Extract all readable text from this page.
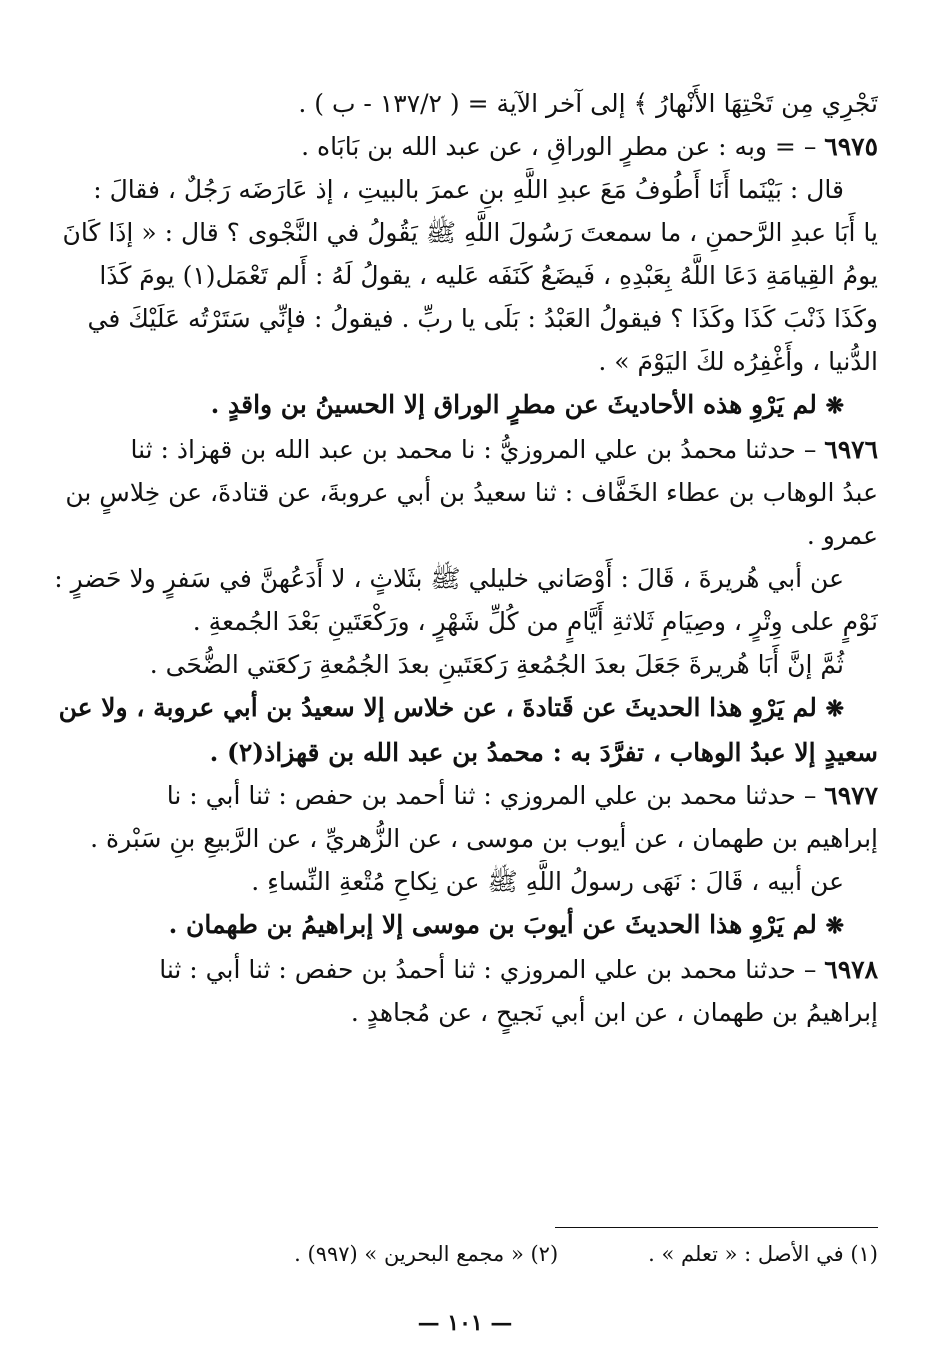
تَجْرِي مِن تَحْتِهَا الأَنْهارُ ﴾ إلى آخر الآية = ( ١٣٧/٢ - ب ) .
٦٩٧٥ – = وبه : عن مطرٍ الوراقِ ، عن عبد الله بن بَابَاه .
قال : بَيْنَما أَنَا أَطُوفُ مَعَ عبدِ اللَّهِ بنِ عمرَ بالبيتِ ، إذ عَارَضَه رَجُلٌ ، فقالَ :
يا أَبَا عبدِ الرَّحمنِ ، ما سمعتَ رَسُولَ اللَّهِ ﷺ يَقُولُ في النَّجْوى ؟ قال : « إذَا كَانَ
يومُ القِيامَةِ دَعَا اللَّهُ بِعَبْدِهِ ، فَيضَعُ كَنَفَه عَليه ، يقولُ لَهُ : أَلم تَعْمَل(١) يومَ كَذَا
وكَذَا ذَنْبَ كَذَا وكَذَا ؟ فيقولُ العَبْدُ : بَلَى يا ربِّ . فيقولُ : فإنِّي سَتَرْتُه عَلَيْكَ في
الدُّنيا ، وأَغْفِرُه لكَ اليَوْمَ » .
❋ لم يَرْوِ هذه الأحاديثَ عن مطرٍ الوراق إلا الحسينُ بن واقدٍ .
٦٩٧٦ – حدثنا محمدُ بن علي المروزيُّ : نا محمد بن عبد الله بن قهزاذ : ثنا
عبدُ الوهاب بن عطاء الخَفَّاف : ثنا سعيدُ بن أبي عروبةَ، عن قتادةَ، عن خِلاسٍ بن
عمرو .
عن أبي هُريرةَ ، قَالَ : أَوْصَاني خليلي ﷺ بثَلاثٍ ، لا أَدَعُهنَّ في سَفرٍ ولا حَضرٍ :
نَوْمٍ على وِتْرٍ ، وصِيَامِ ثَلاثةِ أَيَّامٍ من كُلِّ شَهْرٍ ، ورَكْعَتَينِ بَعْدَ الجُمعةِ .
ثُمَّ إنَّ أَبَا هُريرةَ جَعَلَ بعدَ الجُمُعةِ رَكعَتَينِ بعدَ الجُمُعةِ رَكعَتي الضُّحَى .
❋ لم يَرْوِ هذا الحديثَ عن قَتادةَ ، عن خلاس إلا سعيدُ بن أبي عروبة ، ولا عن
سعيدٍ إلا عبدُ الوهاب ، تفرَّدَ به : محمدُ بن عبد الله بن قهزاذ(٢) .
٦٩٧٧ – حدثنا محمد بن علي المروزي : ثنا أحمد بن حفص : ثنا أبي : نا
إبراهيم بن طهمان ، عن أيوب بن موسى ، عن الزُّهريِّ ، عن الرَّبيعِ بنِ سَبْرة .
عن أبيه ، قَالَ : نَهَى رسولُ اللَّهِ ﷺ عن نِكاحِ مُتْعةِ النِّساءِ .
❋ لم يَرْوِ هذا الحديثَ عن أيوبَ بن موسى إلا إبراهيمُ بن طهمان .
٦٩٧٨ – حدثنا محمد بن علي المروزي : ثنا أحمدُ بن حفص : ثنا أبي : ثنا
إبراهيمُ بن طهمان ، عن ابن أبي نَجيحٍ ، عن مُجاهدٍ .
(١) في الأصل : « تعلم » .
(٢) « مجمع البحرين » (٩٩٧) .
— ١٠١ —
